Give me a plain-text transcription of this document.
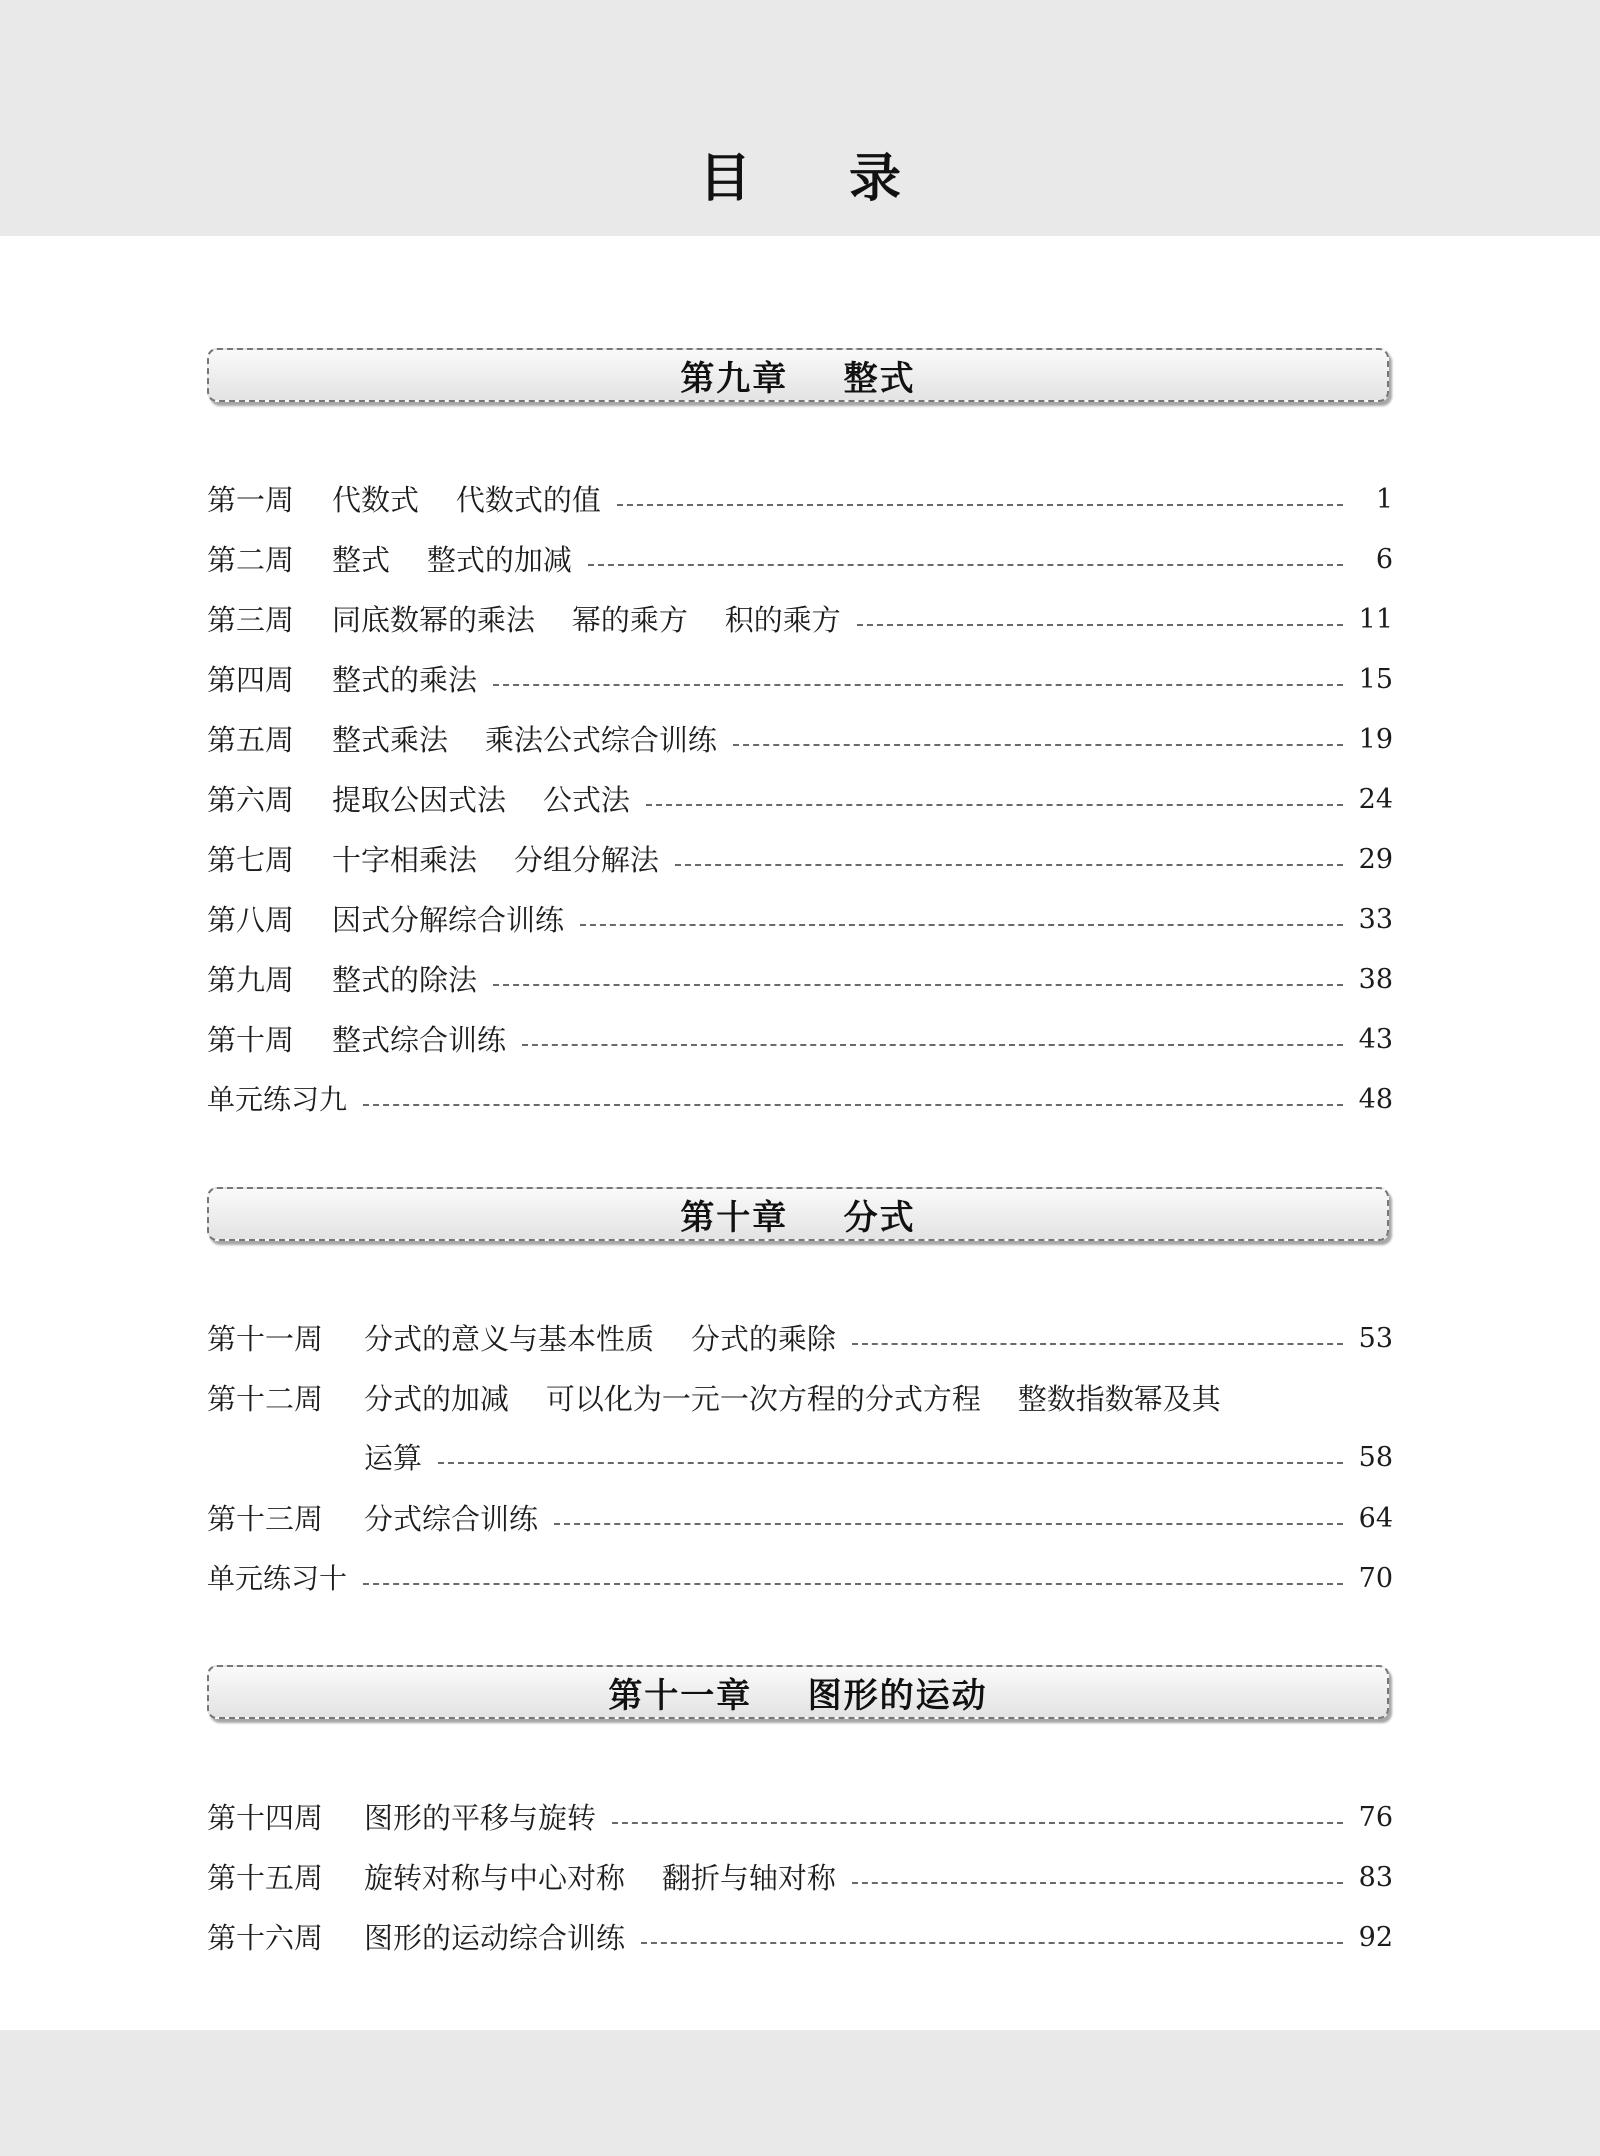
目 录
第九章    整式
第一周	代数式    代数式的值	1
第二周	整式    整式的加减	6
第三周	同底数幂的乘法    幂的乘方    积的乘方	11
第四周	整式的乘法	15
第五周	整式乘法    乘法公式综合训练	19
第六周	提取公因式法    公式法	24
第七周	十字相乘法    分组分解法	29
第八周	因式分解综合训练	33
第九周	整式的除法	38
第十周	整式综合训练	43
单元练习九	48
第十章    分式
第十一周	分式的意义与基本性质    分式的乘除	53
第十二周	分式的加减    可以化为一元一次方程的分式方程    整数指数幂及其
运算	58
第十三周	分式综合训练	64
单元练习十	70
第十一章    图形的运动
第十四周	图形的平移与旋转	76
第十五周	旋转对称与中心对称    翻折与轴对称	83
第十六周	图形的运动综合训练	92
